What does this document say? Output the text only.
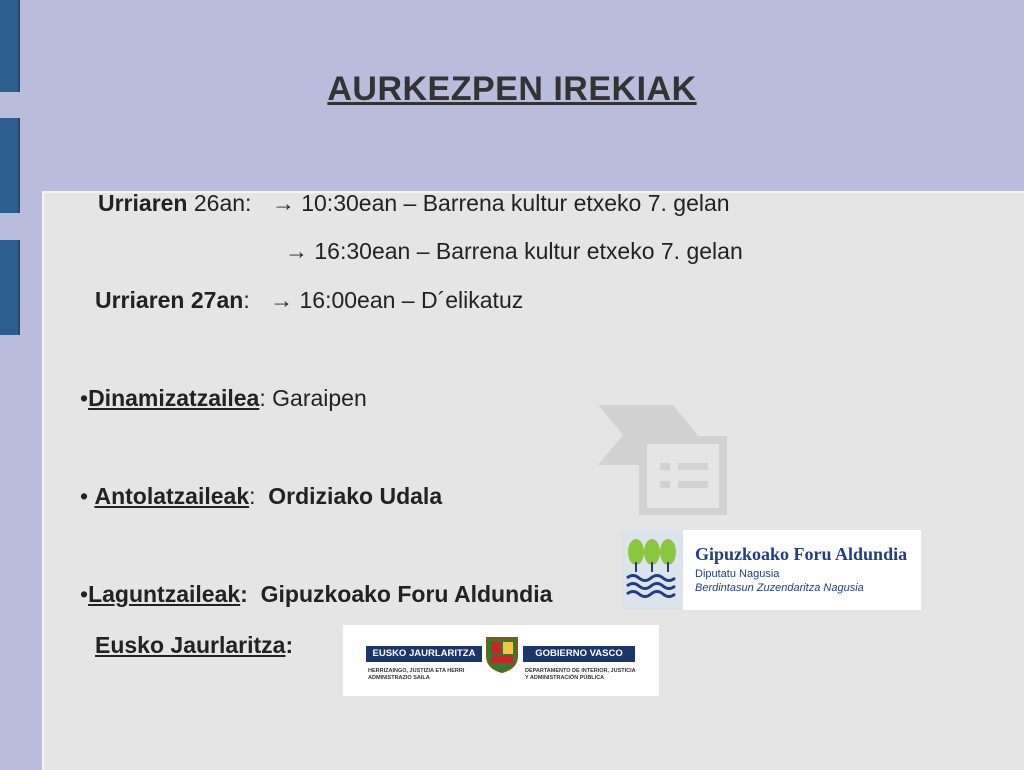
AURKEZPEN IREKIAK
Urriaren 26an: → 10:30ean – Barrena kultur etxeko 7. gelan
→ 16:30ean – Barrena kultur etxeko 7. gelan
Urriaren 27an: → 16:00ean – D´elikatuz
•Dinamizatzailea: Garaipen
• Antolatzaileak:  Ordiziako Udala
•Laguntzaileak:  Gipuzkoako Foru Aldundia
Eusko Jaurlaritza:
Gipuzkoako Foru Aldundia
Diputatu Nagusia
Berdintasun Zuzendaritza Nagusia
EUSKO JAURLARITZA	GOBIERNO VASCO
HERRIZAINGO, JUSTIZIA ETA HERRI ADMINISTRAZIO SAILA
DEPARTAMENTO DE INTERIOR, JUSTICIA Y ADMINISTRACIÓN PÚBLICA
